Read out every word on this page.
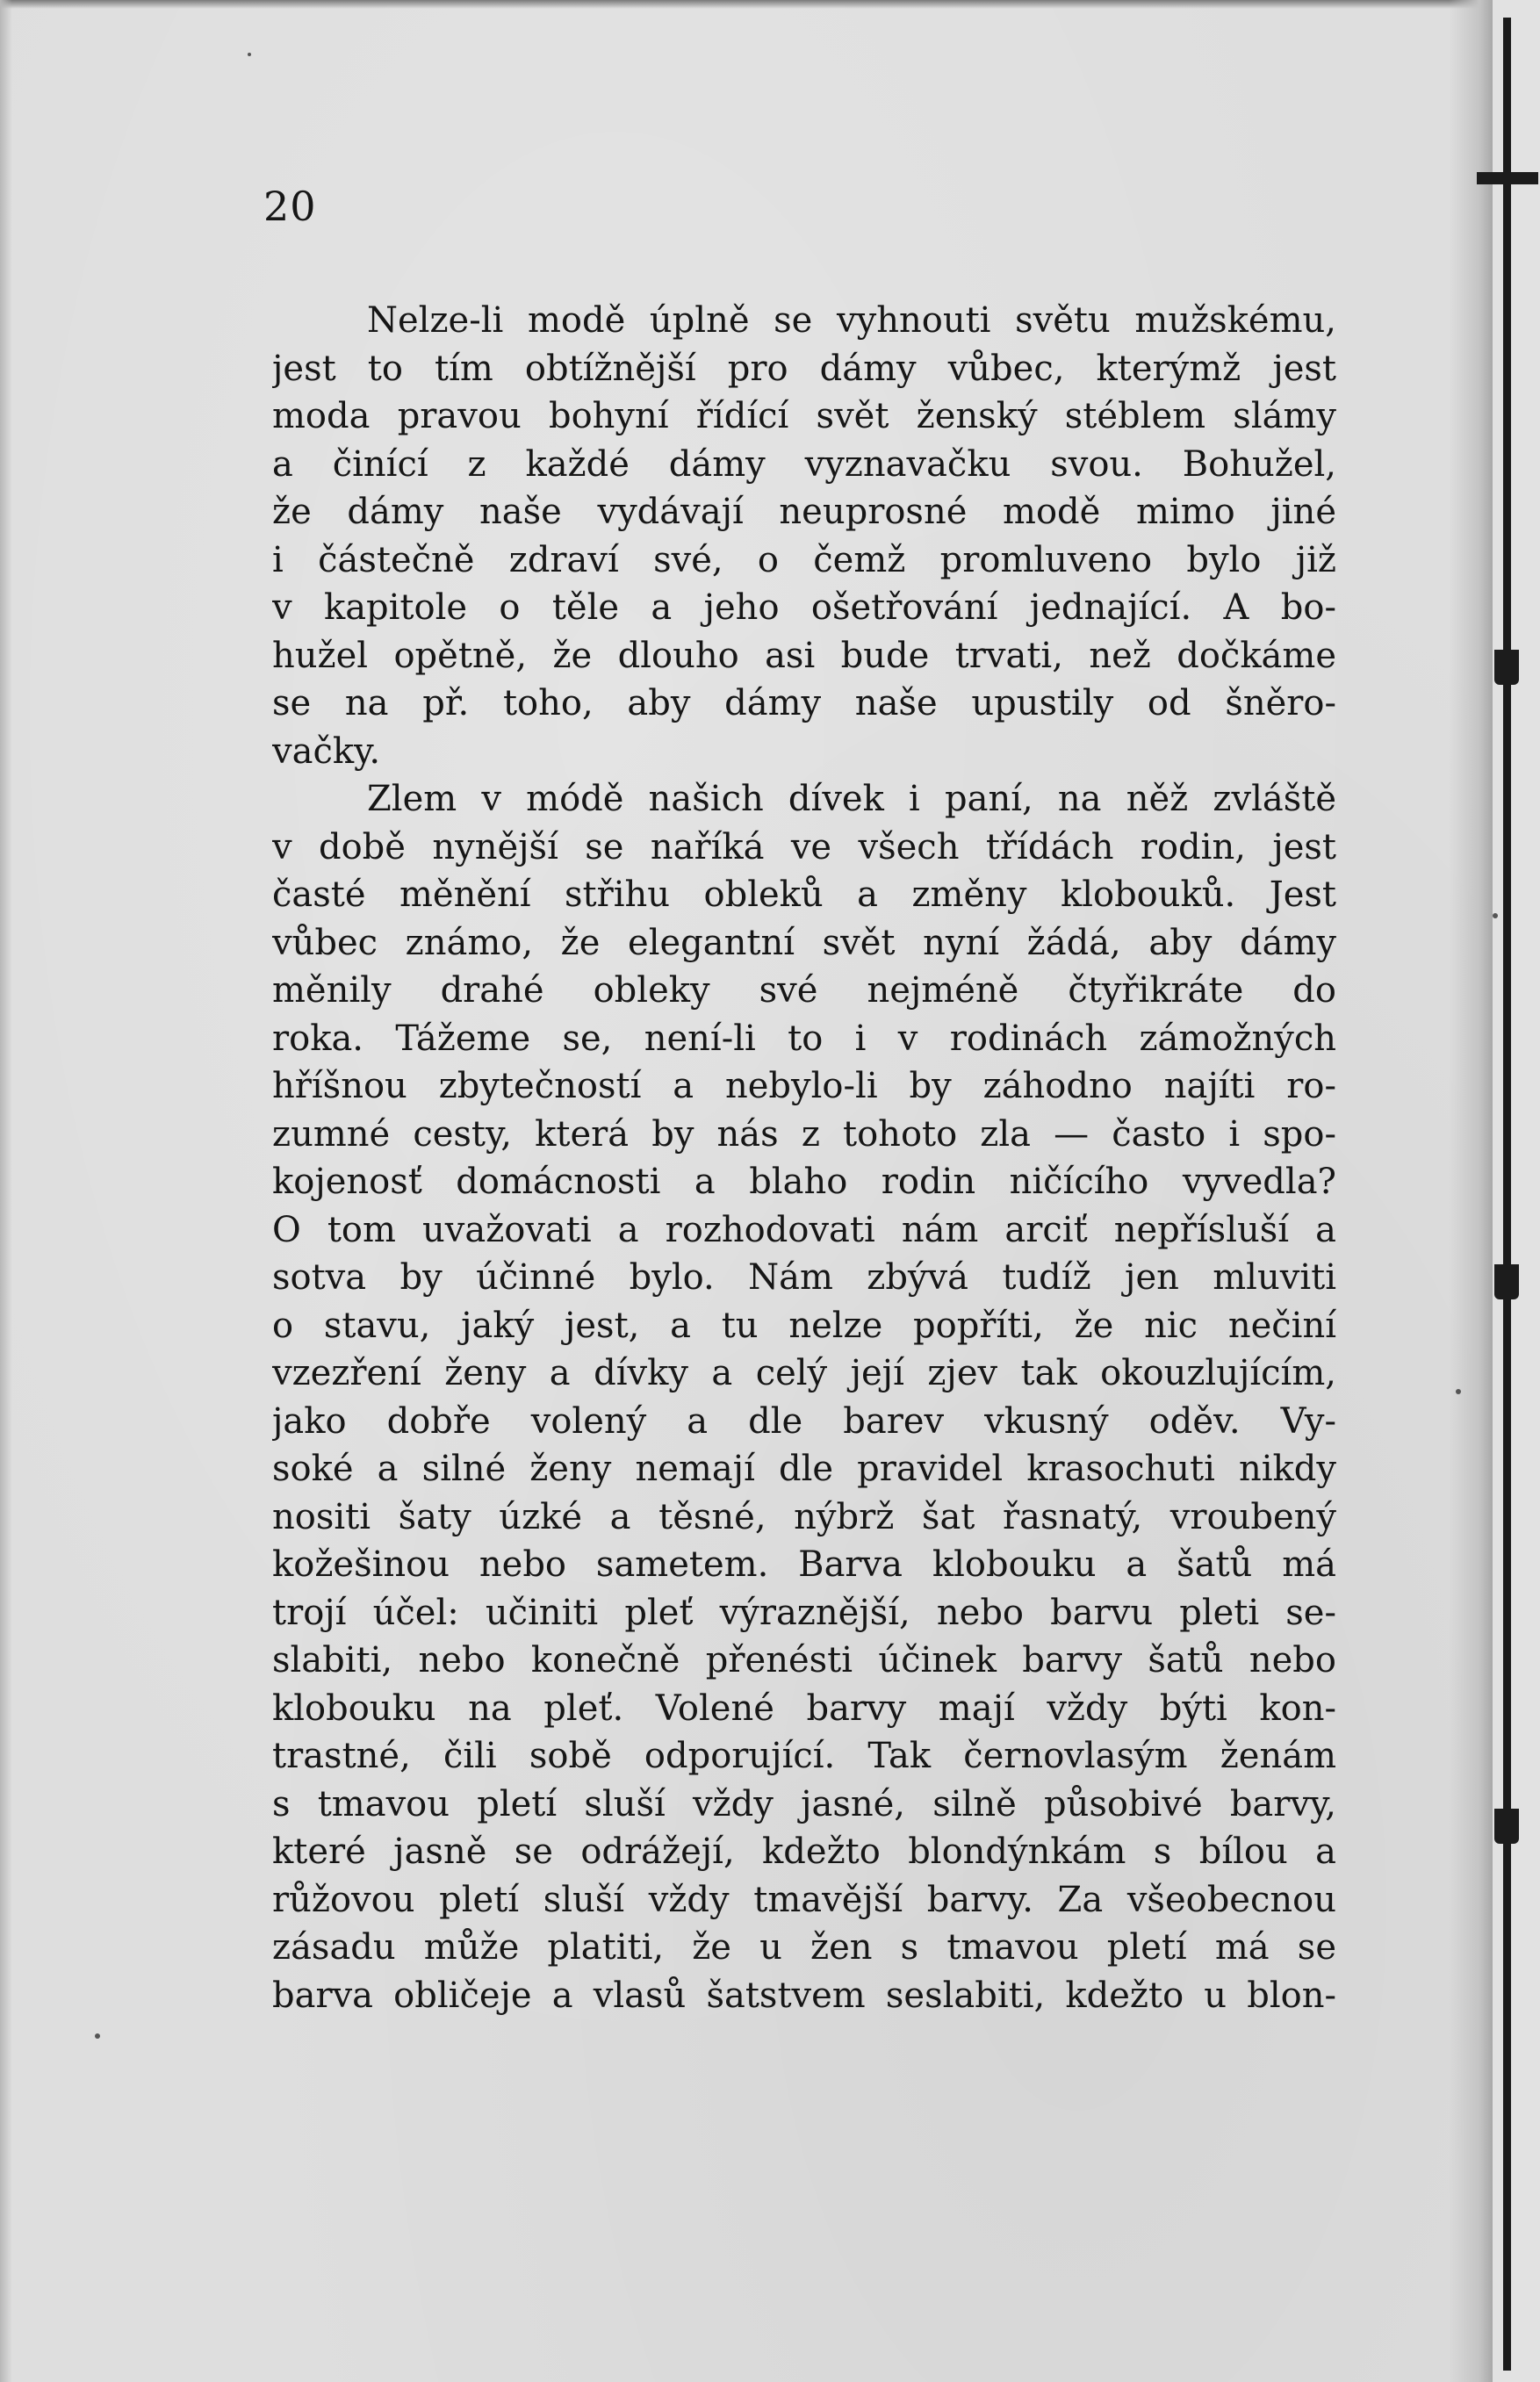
20
Nelze-li modě úplně se vyhnouti světu mužskému,
jest to tím obtížnější pro dámy vůbec, kterýmž jest
moda pravou bohyní řídící svět ženský stéblem slámy
a činící z každé dámy vyznavačku svou. Bohužel,
že dámy naše vydávají neuprosné modě mimo jiné
i částečně zdraví své, o čemž promluveno bylo již
v kapitole o těle a jeho ošetřování jednající. A bo-
hužel opětně, že dlouho asi bude trvati, než dočkáme
se na př. toho, aby dámy naše upustily od šněro-
vačky.
Zlem v módě našich dívek i paní, na něž zvláště
v době nynější se naříká ve všech třídách rodin, jest
časté měnění střihu obleků a změny klobouků. Jest
vůbec známo, že elegantní svět nyní žádá, aby dámy
měnily drahé obleky své nejméně čtyřikráte do
roka. Tážeme se, není-li to i v rodinách zámožných
hříšnou zbytečností a nebylo-li by záhodno najíti ro-
zumné cesty, která by nás z tohoto zla — často i spo-
kojenosť domácnosti a blaho rodin ničícího vyvedla?
O tom uvažovati a rozhodovati nám arciť nepřísluší a
sotva by účinné bylo. Nám zbývá tudíž jen mluviti
o stavu, jaký jest, a tu nelze popříti, že nic nečiní
vzezření ženy a dívky a celý její zjev tak okouzlujícím,
jako dobře volený a dle barev vkusný oděv. Vy-
soké a silné ženy nemají dle pravidel krasochuti nikdy
nositi šaty úzké a těsné, nýbrž šat řasnatý, vroubený
kožešinou nebo sametem. Barva klobouku a šatů má
trojí účel: učiniti pleť výraznější, nebo barvu pleti se-
slabiti, nebo konečně přenésti účinek barvy šatů nebo
klobouku na pleť. Volené barvy mají vždy býti kon-
trastné, čili sobě odporující. Tak černovlasým ženám
s tmavou pletí sluší vždy jasné, silně působivé barvy,
které jasně se odrážejí, kdežto blondýnkám s bílou a
růžovou pletí sluší vždy tmavější barvy. Za všeobecnou
zásadu může platiti, že u žen s tmavou pletí má se
barva obličeje a vlasů šatstvem seslabiti, kdežto u blon-
